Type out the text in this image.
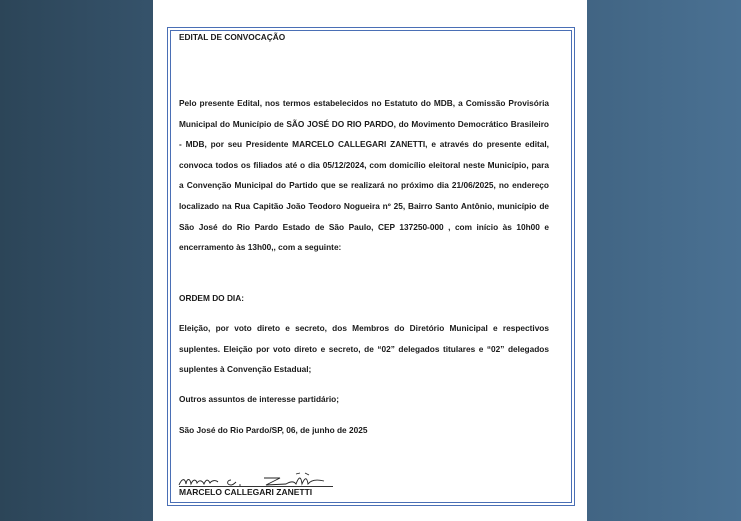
EDITAL DE CONVOCAÇÃO
Pelo presente Edital, nos termos estabelecidos no Estatuto do MDB, a Comissão Provisória Municipal do Município de SÃO JOSÉ DO RIO PARDO, do Movimento Democrático Brasileiro - MDB, por seu Presidente MARCELO CALLEGARI ZANETTI, e através do presente edital, convoca todos os filiados até o dia 05/12/2024, com domicílio eleitoral neste Município, para a Convenção Municipal do Partido que se realizará no próximo dia 21/06/2025, no endereço localizado na Rua Capitão João Teodoro Nogueira nº 25, Bairro Santo Antônio, município de São José do Rio Pardo Estado de São Paulo, CEP 137250-000 , com início às 10h00 e encerramento às 13h00,, com a seguinte:
ORDEM DO DIA:
Eleição, por voto direto e secreto, dos Membros do Diretório Municipal e respectivos suplentes. Eleição por voto direto e secreto, de “02” delegados titulares e “02” delegados suplentes à Convenção Estadual;
Outros assuntos de interesse partidário;
São José do Rio Pardo/SP, 06, de junho de 2025
MARCELO CALLEGARI ZANETTI
